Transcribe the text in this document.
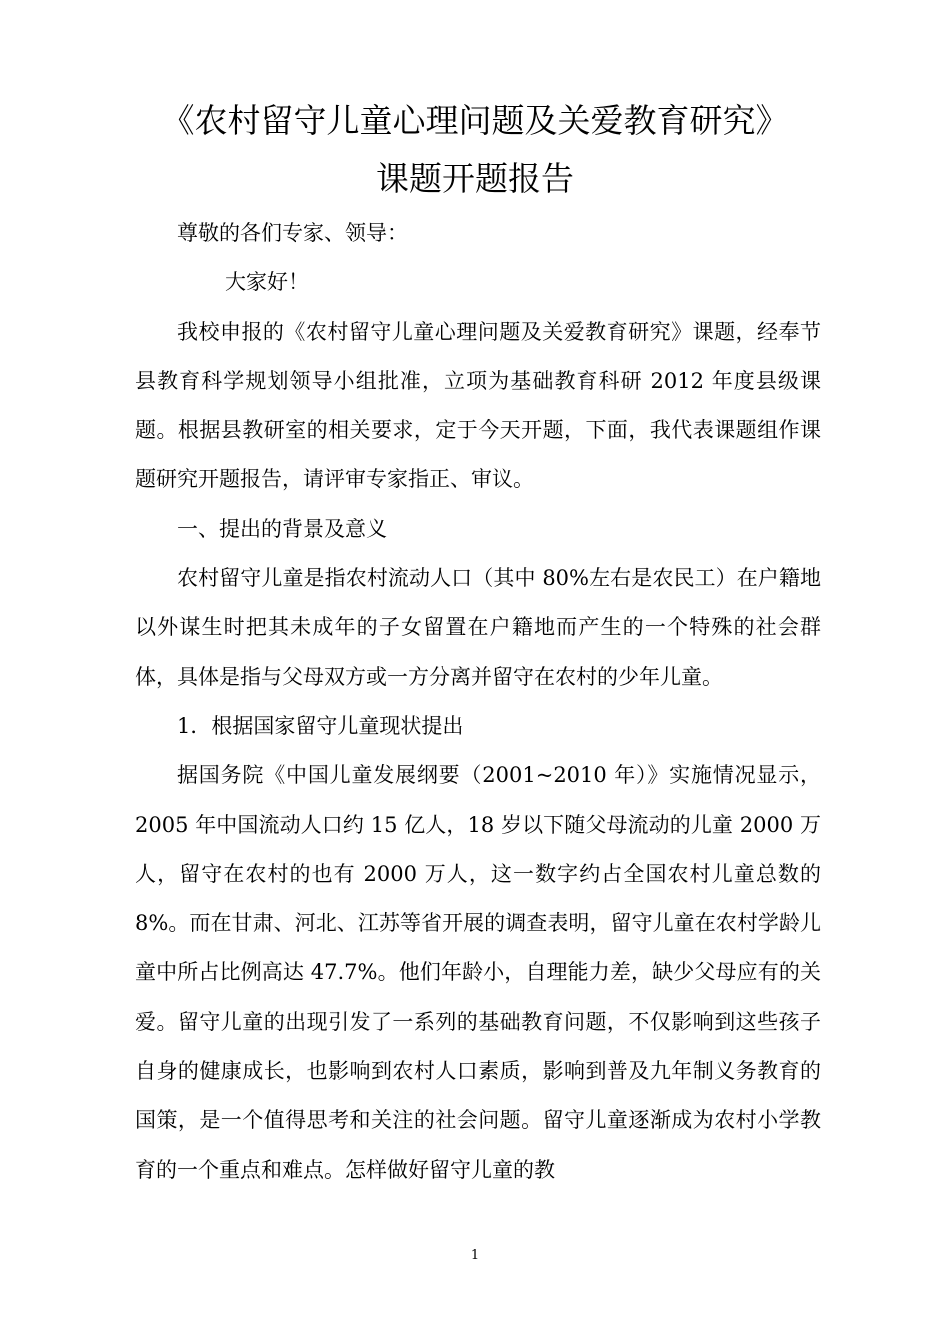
《农村留守儿童心理问题及关爱教育研究》
课题开题报告

尊敬的各们专家、领导：

大家好！

我校申报的《农村留守儿童心理问题及关爱教育研究》课题，经奉节县教育科学规划领导小组批准，立项为基础教育科研 2012 年度县级课题。根据县教研室的相关要求，定于今天开题，下面，我代表课题组作课题研究开题报告，请评审专家指正、审议。

一、提出的背景及意义

农村留守儿童是指农村流动人口（其中 80%左右是农民工）在户籍地以外谋生时把其未成年的子女留置在户籍地而产生的一个特殊的社会群体，具体是指与父母双方或一方分离并留守在农村的少年儿童。

1．根据国家留守儿童现状提出

据国务院《中国儿童发展纲要（2001~2010 年）》实施情况显示，2005 年中国流动人口约 15 亿人，18 岁以下随父母流动的儿童 2000 万人，留守在农村的也有 2000 万人，这一数字约占全国农村儿童总数的 8%。而在甘肃、河北、江苏等省开展的调查表明，留守儿童在农村学龄儿童中所占比例高达 47.7%。他们年龄小，自理能力差，缺少父母应有的关爱。留守儿童的出现引发了一系列的基础教育问题，不仅影响到这些孩子自身的健康成长，也影响到农村人口素质，影响到普及九年制义务教育的国策，是一个值得思考和关注的社会问题。留守儿童逐渐成为农村小学教育的一个重点和难点。怎样做好留守儿童的教

1
